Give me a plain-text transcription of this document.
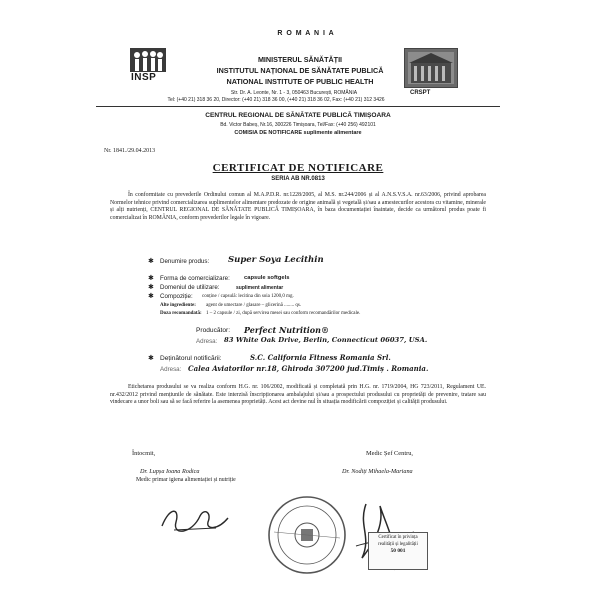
R O M A N I A
INSP
MINISTERUL SĂNĂTĂȚII
INSTITUTUL NAȚIONAL DE SĂNĂTATE PUBLICĂ
NATIONAL INSTITUTE OF PUBLIC HEALTH
Str. Dr. A. Leonte, Nr. 1 - 3, 050463 București, ROMÂNIA
Tel: (+40 21) 318 36 20, Director: (+40 21) 318 36 00, (+40 21) 318 36 02, Fax: (+40 21) 312 3426
CRSPT
CENTRUL REGIONAL DE SĂNĂTATE PUBLICĂ TIMIȘOARA
Bd. Victor Babeș, Nr.16, 300226 Timișoara, Tel/Fax: (+40 256) 492101
COMISIA DE NOTIFICARE suplimente alimentare
Nr. 1841./29.04.2013
CERTIFICAT DE NOTIFICARE
SERIA AB NR.0813

În conformitate cu prevederile Ordinului comun al M.A.P.D.R. nr.1228/2005, al M.S. nr.244/2006 și al A.N.S.V.S.A. nr.63/2006, privind aprobarea Normelor tehnice privind comercializarea suplimentelor alimentare predozate de origine animală și vegetală și/sau a amestecurilor acestora cu vitamine, minerale și alți nutrienți, CENTRUL REGIONAL DE SĂNĂTATE PUBLICĂ TIMIȘOARA, în baza documentației înaintate, decide ca următorul produs poate fi comercializat în ROMÂNIA, conform prevederilor legale în vigoare.

✱ Denumire produs: Super Soya Lecithin
✱ Forma de comercializare: capsule softgels
✱ Domeniul de utilizare:	supliment alimentar
✱ Compoziție: conține / capsulă: lecitina din soia 1200,0 mg.
Alte ingrediente: agent de umectare / glasare – glicerină ........ qs.
Doza recomandată: 1 – 2 capsule / zi, după servirea mesei sau conform recomandărilor medicale.
Producător: Perfect Nutrition®
Adresa: 83 White Oak Drive, Berlin, Connecticut 06037, USA.
✱ Deținătorul notificării:	S.C. California Fitness Romania Srl.
Adresa: Calea Aviatorilor nr.18, Ghiroda 307200 jud.Timiș . Romania.

Etichetarea produsului se va realiza conform H.G. nr. 106/2002, modificată și completată prin H.G. nr. 1719/2004, HG 723/2011, Regulament UE. nr.432/2012 privind mențiunile de sănătate. Este interzisă înscripționarea ambalajului și/sau a prospectului produsului cu proprietăți de prevenire, tratare sau vindecare a unor boli sau să se facă referire la asemenea proprietăți. Acest act devine nul în situația modificării compoziției și calității produsului.

Întocmit,
Dr. Lupșa Ioana Rodica
Medic primar igiena alimentației și nutriție
Medic Șef Centru,
Dr. Nodiți Mihaela-Mariana
Certificat în privința
realității și legalității
50 001
